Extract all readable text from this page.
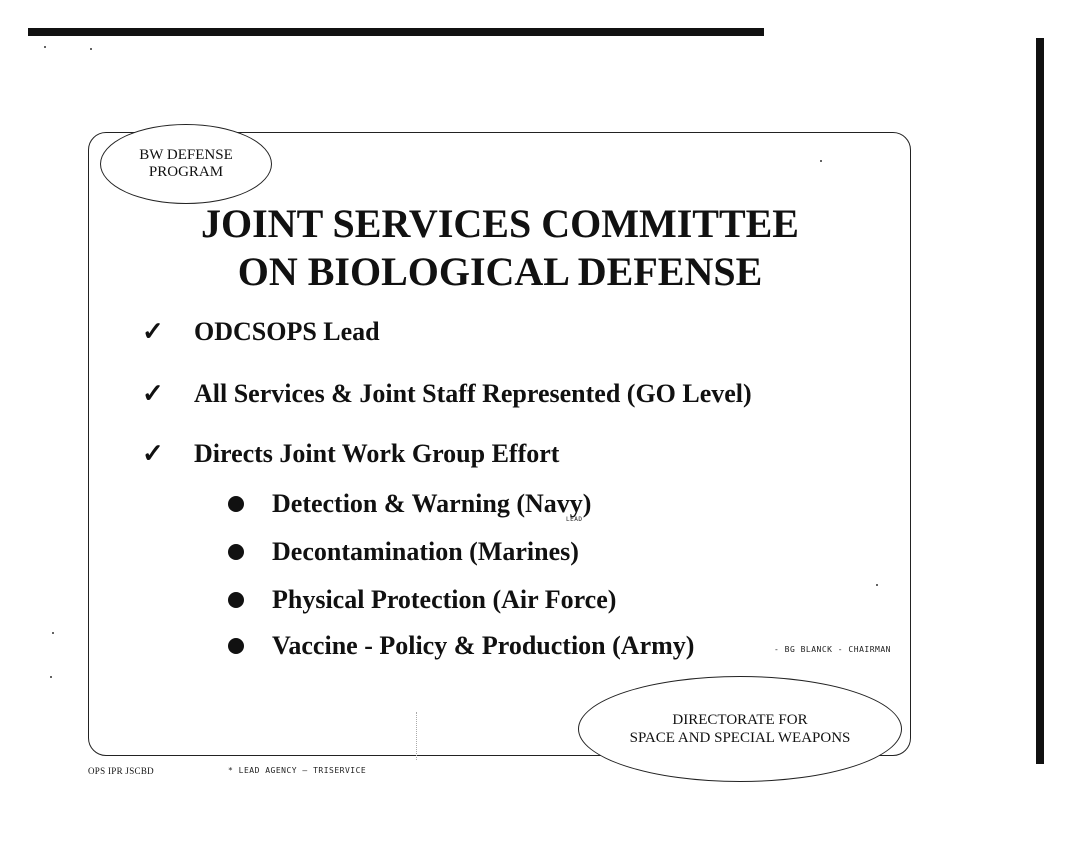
BW DEFENSE
PROGRAM
JOINT SERVICES COMMITTEE
ON BIOLOGICAL DEFENSE
✓ ODCSOPS Lead
✓ All Services & Joint Staff Represented (GO Level)
✓ Directs Joint Work Group Effort
Detection & Warning (Navy)
Decontamination (Marines)
Physical Protection (Air Force)
Vaccine - Policy & Production (Army)
LEAD
- BG BLANCK - CHAIRMAN
DIRECTORATE FOR
SPACE AND SPECIAL WEAPONS
OPS IPR JSCBD	* LEAD AGENCY – TRISERVICE
